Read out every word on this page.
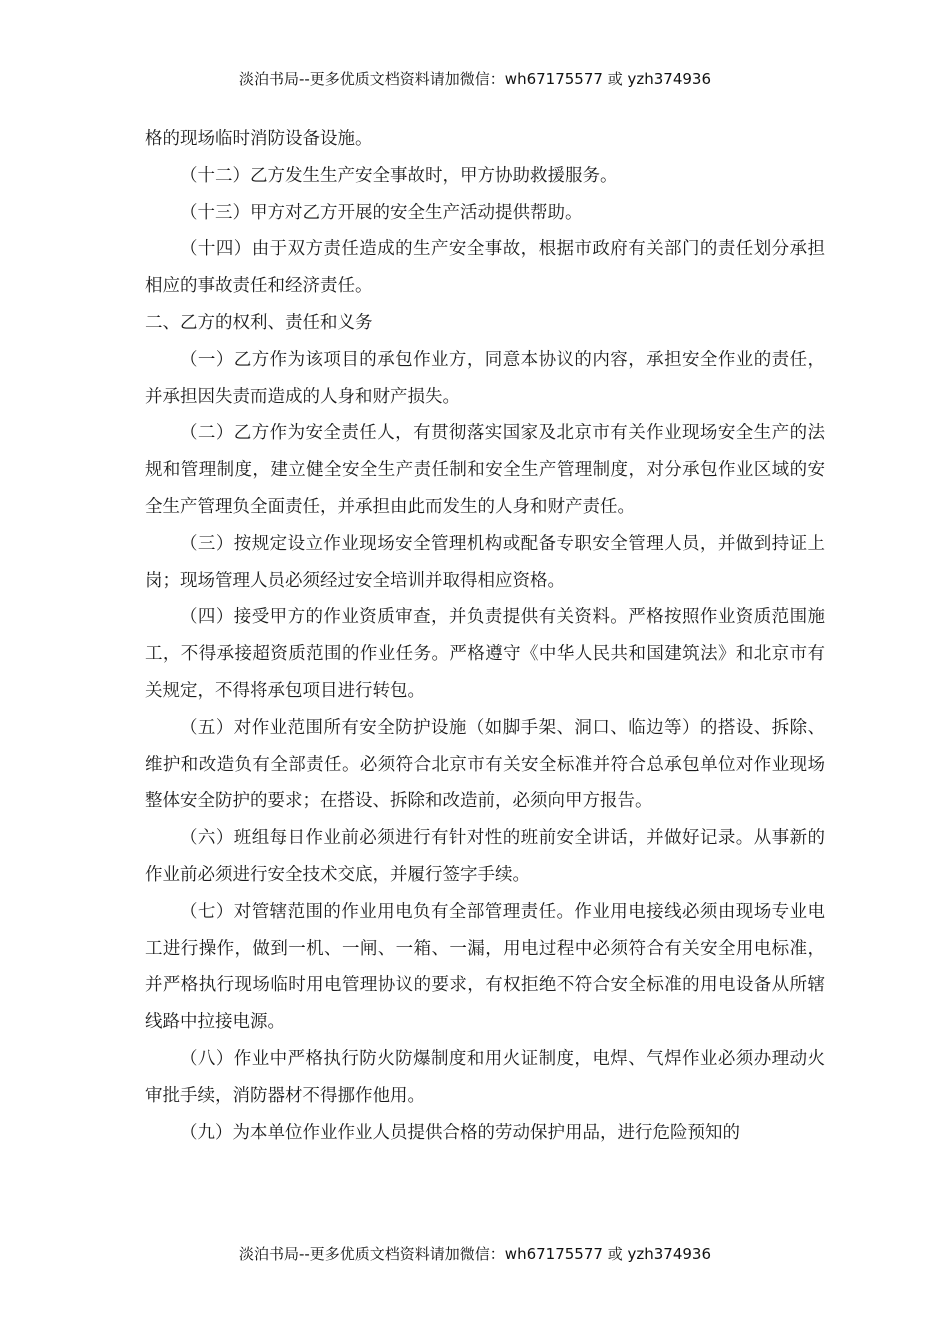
淡泊书局--更多优质文档资料请加微信：wh67175577 或 yzh374936

格的现场临时消防设备设施。

（十二）乙方发生生产安全事故时，甲方协助救援服务。

（十三）甲方对乙方开展的安全生产活动提供帮助。

（十四）由于双方责任造成的生产安全事故，根据市政府有关部门的责任划分承担相应的事故责任和经济责任。

二、乙方的权利、责任和义务

（一）乙方作为该项目的承包作业方，同意本协议的内容，承担安全作业的责任，并承担因失责而造成的人身和财产损失。

（二）乙方作为安全责任人，有贯彻落实国家及北京市有关作业现场安全生产的法规和管理制度，建立健全安全生产责任制和安全生产管理制度，对分承包作业区域的安全生产管理负全面责任，并承担由此而发生的人身和财产责任。

（三）按规定设立作业现场安全管理机构或配备专职安全管理人员，并做到持证上岗；现场管理人员必须经过安全培训并取得相应资格。

（四）接受甲方的作业资质审查，并负责提供有关资料。严格按照作业资质范围施工，不得承接超资质范围的作业任务。严格遵守《中华人民共和国建筑法》和北京市有关规定，不得将承包项目进行转包。

（五）对作业范围所有安全防护设施（如脚手架、洞口、临边等）的搭设、拆除、维护和改造负有全部责任。必须符合北京市有关安全标准并符合总承包单位对作业现场整体安全防护的要求；在搭设、拆除和改造前，必须向甲方报告。

（六）班组每日作业前必须进行有针对性的班前安全讲话，并做好记录。从事新的作业前必须进行安全技术交底，并履行签字手续。

（七）对管辖范围的作业用电负有全部管理责任。作业用电接线必须由现场专业电工进行操作，做到一机、一闸、一箱、一漏，用电过程中必须符合有关安全用电标准，并严格执行现场临时用电管理协议的要求，有权拒绝不符合安全标准的用电设备从所辖线路中拉接电源。

（八）作业中严格执行防火防爆制度和用火证制度，电焊、气焊作业必须办理动火审批手续，消防器材不得挪作他用。

（九）为本单位作业作业人员提供合格的劳动保护用品，进行危险预知的

淡泊书局--更多优质文档资料请加微信：wh67175577 或 yzh374936
